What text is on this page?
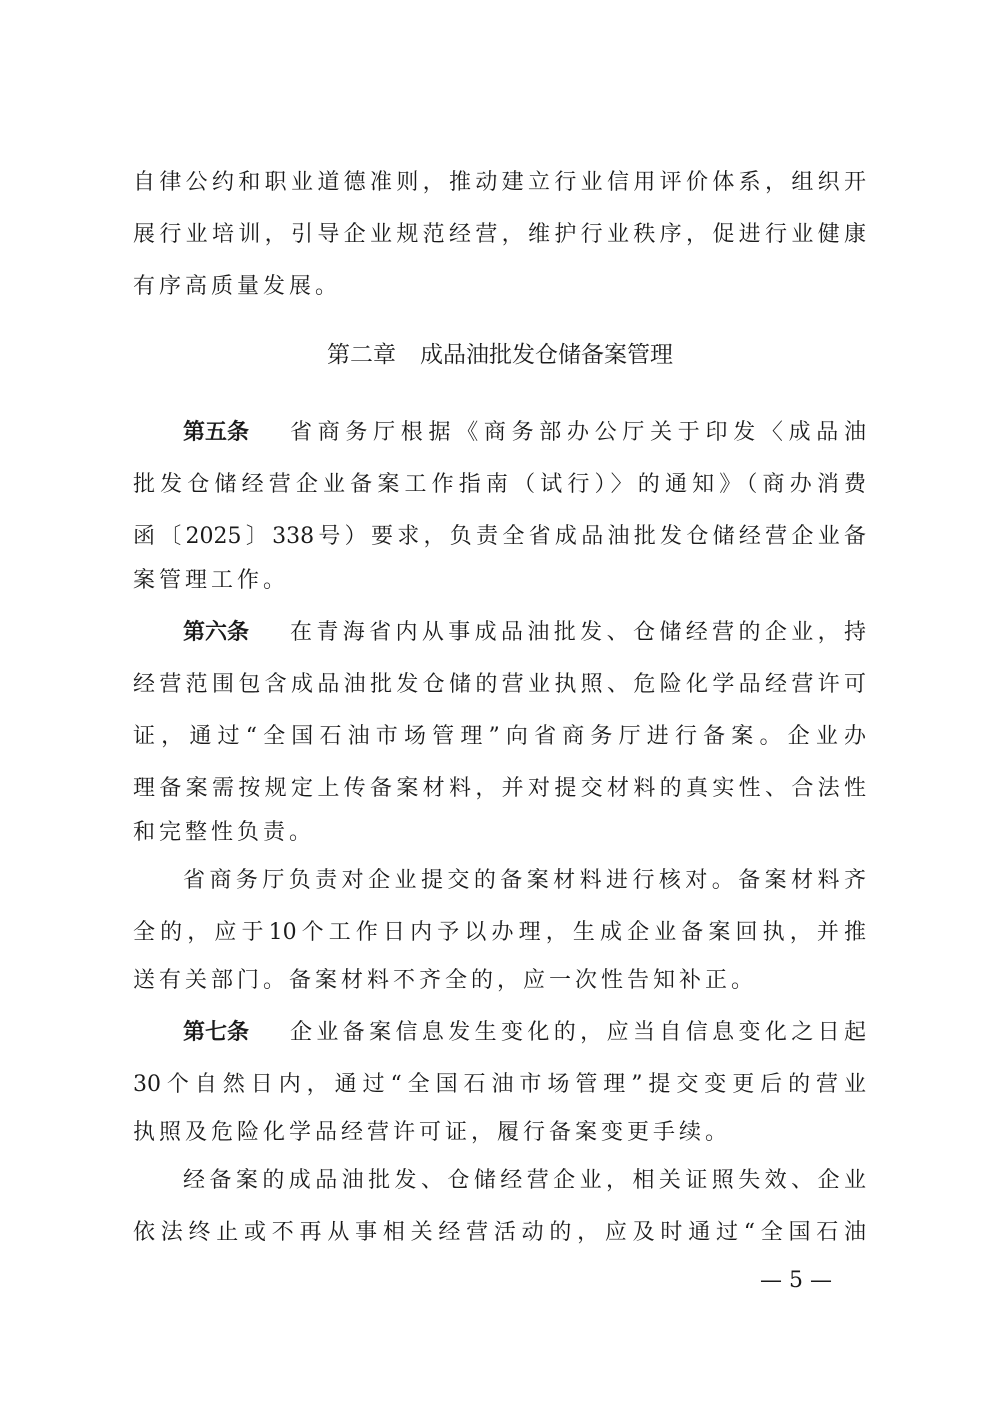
自律公约和职业道德准则，推动建立行业信用评价体系，组织开
展行业培训，引导企业规范经营，维护行业秩序，促进行业健康
有序高质量发展。
第二章 成品油批发仓储备案管理
第五条 省商务厅根据《商务部办公厅关于印发〈成品油
批发仓储经营企业备案工作指南（试行）〉的通知》（商办消费
函〔2025〕338号）要求，负责全省成品油批发仓储经营企业备
案管理工作。
第六条 在青海省内从事成品油批发、仓储经营的企业，持
经营范围包含成品油批发仓储的营业执照、危险化学品经营许可
证，通过“全国石油市场管理”向省商务厅进行备案。企业办
理备案需按规定上传备案材料，并对提交材料的真实性、合法性
和完整性负责。
省商务厅负责对企业提交的备案材料进行核对。备案材料齐
全的，应于10个工作日内予以办理，生成企业备案回执，并推
送有关部门。备案材料不齐全的，应一次性告知补正。
第七条 企业备案信息发生变化的，应当自信息变化之日起
30个自然日内，通过“全国石油市场管理”提交变更后的营业
执照及危险化学品经营许可证，履行备案变更手续。
经备案的成品油批发、仓储经营企业，相关证照失效、企业
依法终止或不再从事相关经营活动的，应及时通过“全国石油
— 5 —
